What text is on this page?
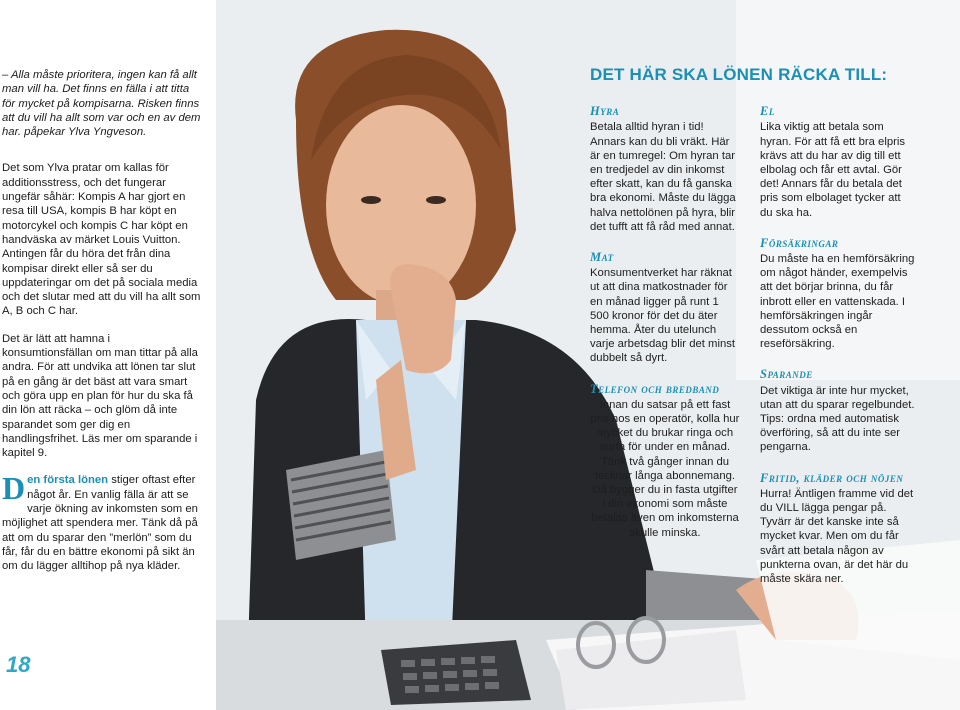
– Alla måste prioritera, ingen kan få allt man vill ha. Det finns en fälla i att titta för mycket på kompisarna. Risken finns att du vill ha allt som var och en av dem har. påpekar Ylva Yngveson.

Det som Ylva pratar om kallas för additionsstress, och det fungerar ungefär såhär: Kompis A har gjort en resa till USA, kompis B har köpt en motorcykel och kompis C har köpt en handväska av märket Louis Vuitton. Antingen får du höra det från dina kompisar direkt eller så ser du uppdateringar om det på sociala media och det slutar med att du vill ha allt som A, B och C har.

Det är lätt att hamna i konsumtionsfällan om man tittar på alla andra. För att undvika att lönen tar slut på en gång är det bäst att vara smart och göra upp en plan för hur du ska få din lön att räcka – och glöm då inte sparandet som ger dig en handlingsfrihet. Läs mer om sparande i kapitel 9.

Den första lönen stiger oftast efter något år. En vanlig fälla är att se varje ökning av inkomsten som en möjlighet att spendera mer. Tänk då på att om du sparar den ”merlön” som du får, får du en bättre ekonomi på sikt än om du lägger alltihop på nya kläder.

18
DET HÄR SKA LÖNEN RÄCKA TILL:
Hyra

Betala alltid hyran i tid! Annars kan du bli vräkt. Här är en tumregel: Om hyran tar en tredjedel av din inkomst efter skatt, kan du få ganska bra ekonomi. Måste du lägga halva nettolönen på hyra, blir det tufft att få råd med annat.

Mat

Konsumentverket har räknat ut att dina matkostnader för en månad ligger på runt 1 500 kronor för det du äter hemma. Åter du utelunch varje arbetsdag blir det minst dubbelt så dyrt.

Telefon och bredband

Innan du satsar på ett fast pris hos en operatör, kolla hur mycket du brukar ringa och surfa för under en månad. Tänk två gånger innan du tecknar långa abonnemang. Då bygger du in fasta utgifter i din ekonomi som måste betalas även om inkomsterna skulle minska.

El

Lika viktig att betala som hyran. För att få ett bra elpris krävs att du har av dig till ett elbolag och får ett avtal. Gör det! Annars får du betala det pris som elbolaget tycker att du ska ha.

Försäkringar

Du måste ha en hemförsäkring om något händer, exempelvis att det börjar brinna, du får inbrott eller en vattenskada. I hemförsäkringen ingår dessutom också en reseförsäkring.

Sparande

Det viktiga är inte hur mycket, utan att du sparar regelbundet. Tips: ordna med automatisk överföring, så att du inte ser pengarna.

Fritid, kläder och nöjen

Hurra! Äntligen framme vid det du VILL lägga pengar på. Tyvärr är det kanske inte så mycket kvar. Men om du får svårt att betala någon av punkterna ovan, är det här du måste skära ner.
